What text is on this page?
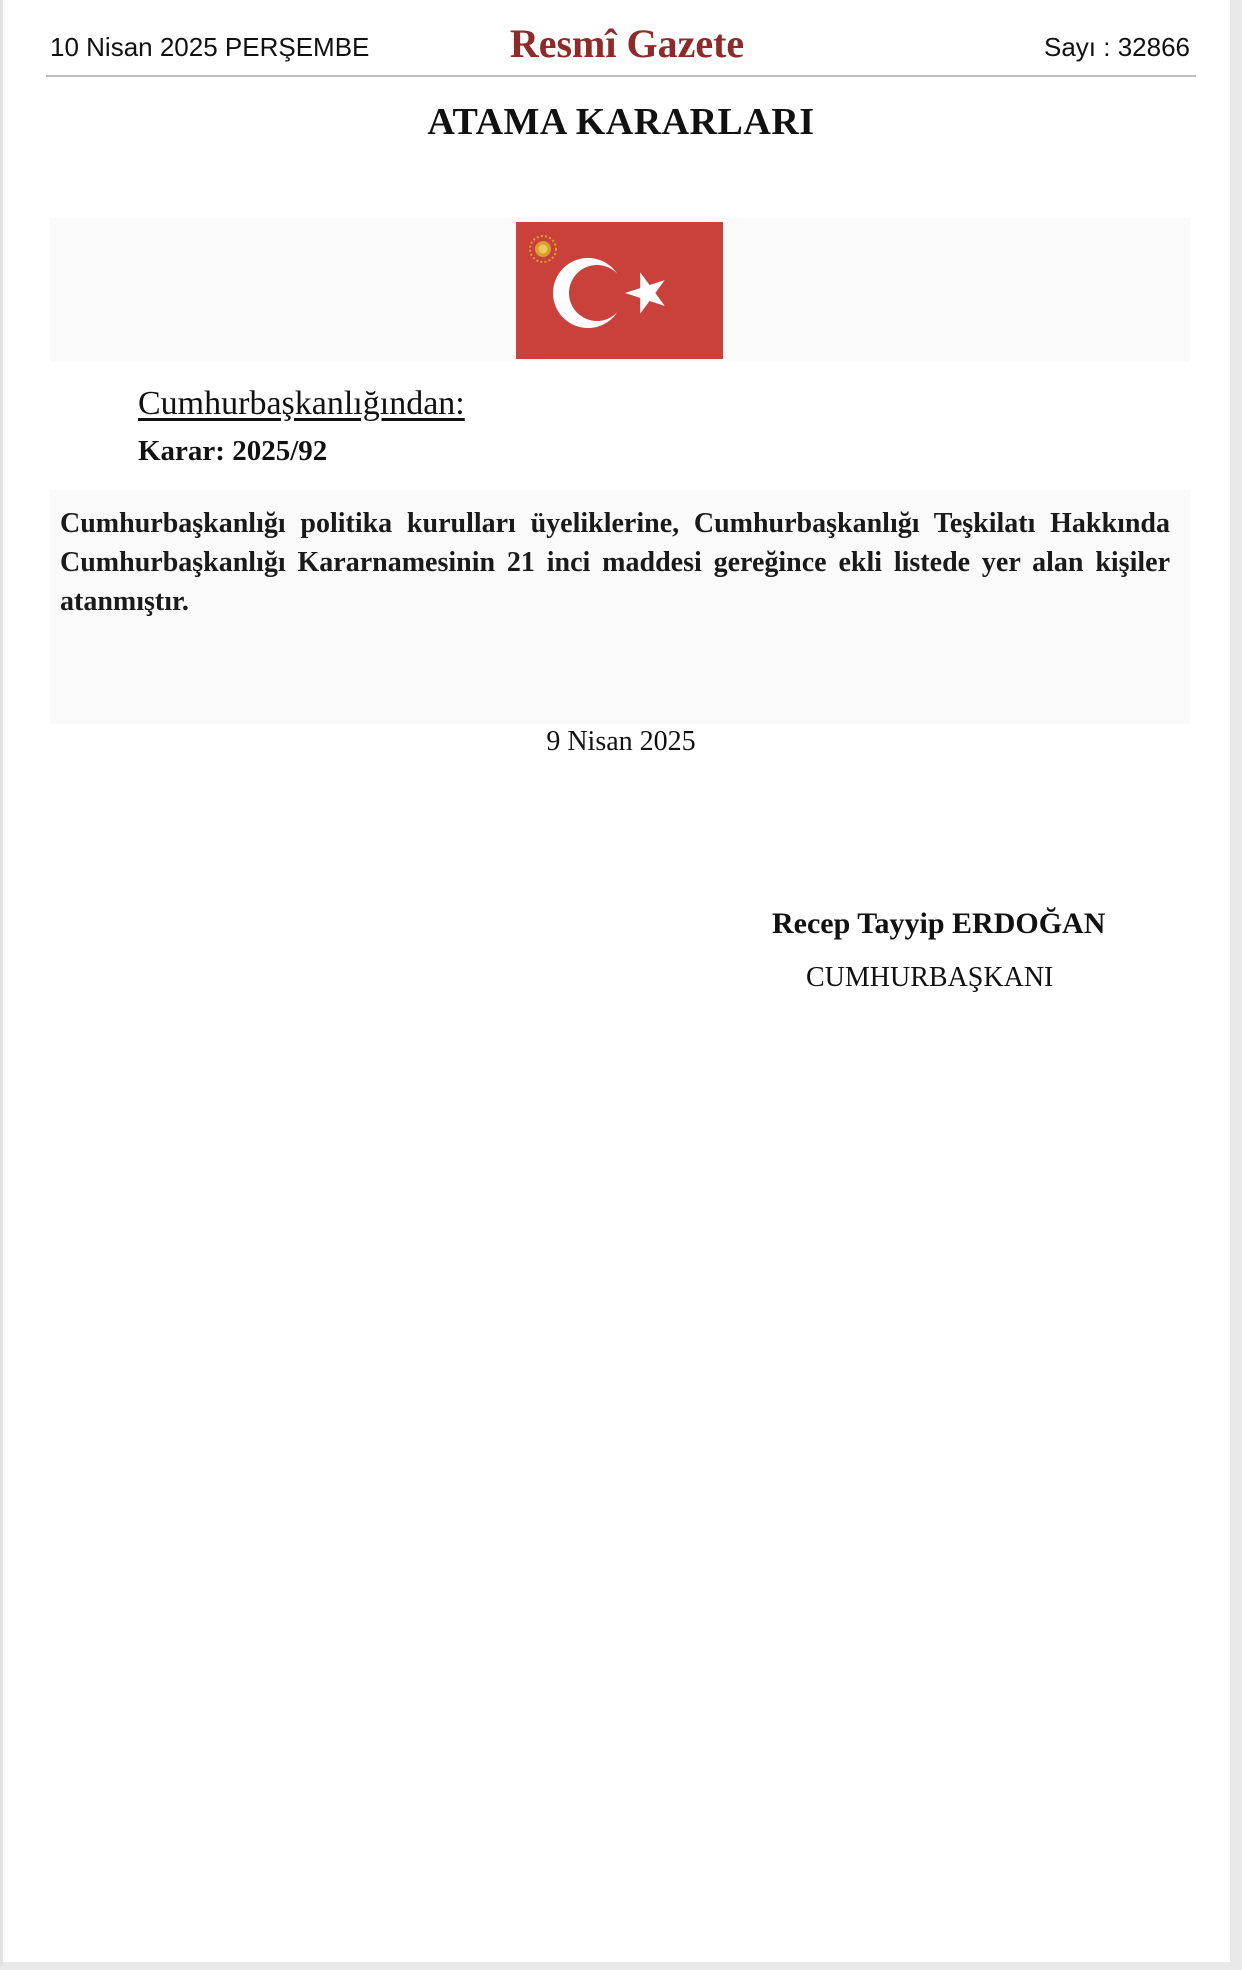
10 Nisan 2025 PERŞEMBE	Resmî Gazete	Sayı : 32866
ATAMA KARARLARI
Cumhurbaşkanlığından:
Karar: 2025/92
Cumhurbaşkanlığı politika kurulları üyeliklerine, Cumhurbaşkanlığı Teşkilatı Hakkında Cumhurbaşkanlığı Kararnamesinin 21 inci maddesi gereğince ekli listede yer alan kişiler atanmıştır.
9 Nisan 2025
Recep Tayyip ERDOĞAN
CUMHURBAŞKANI
